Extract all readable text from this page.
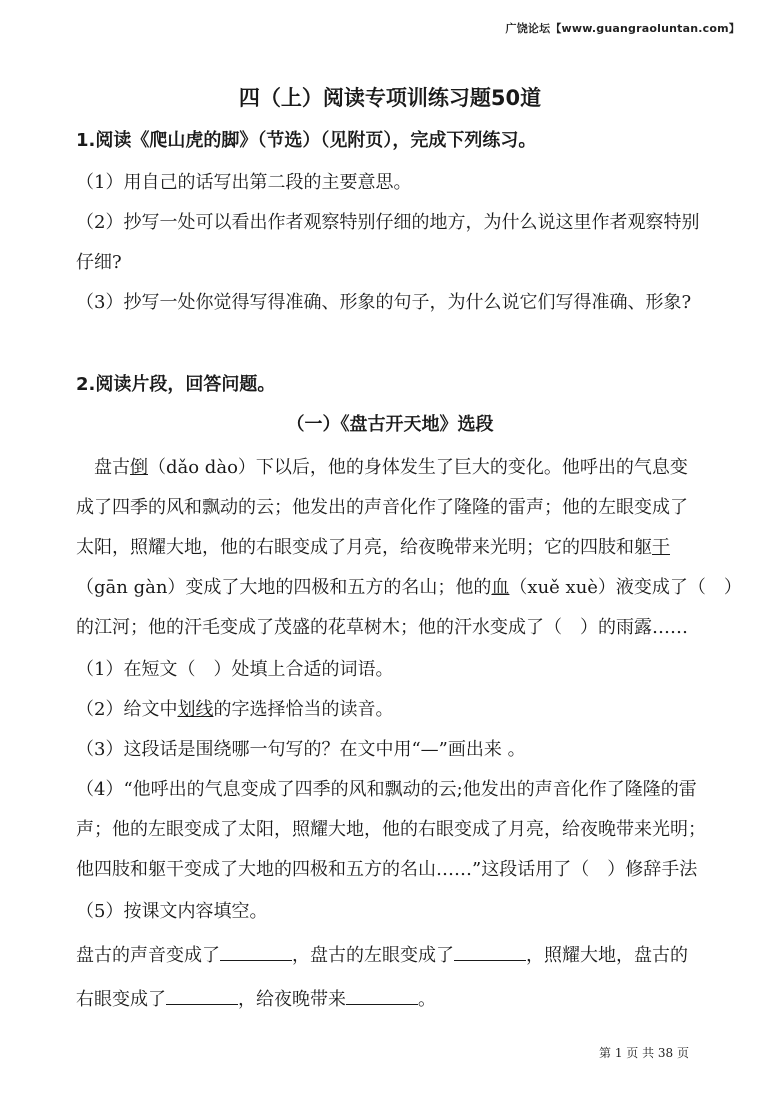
广饶论坛【www.guangraoluntan.com】
四（上）阅读专项训练习题50道
1.阅读《爬山虎的脚》（节选）（见附页），完成下列练习。
（1）用自己的话写出第二段的主要意思。
（2）抄写一处可以看出作者观察特别仔细的地方，为什么说这里作者观察特别
仔细?
（3）抄写一处你觉得写得准确、形象的句子，为什么说它们写得准确、形象?
2.阅读片段，回答问题。
（一）《盘古开天地》选段
盘古倒（dǎo dào）下以后，他的身体发生了巨大的变化。他呼出的气息变
成了四季的风和飘动的云；他发出的声音化作了隆隆的雷声；他的左眼变成了
太阳，照耀大地，他的右眼变成了月亮，给夜晚带来光明；它的四肢和躯干
（gān gàn）变成了大地的四极和五方的名山；他的血（xuě xuè）液变成了（　）
的江河；他的汗毛变成了茂盛的花草树木；他的汗水变成了（　）的雨露……
（1）在短文（　）处填上合适的词语。
（2）给文中划线的字选择恰当的读音。
（3）这段话是围绕哪一句写的？在文中用“—”画出来 。
（4）“他呼出的气息变成了四季的风和飘动的云;他发出的声音化作了隆隆的雷
声；他的左眼变成了太阳，照耀大地，他的右眼变成了月亮，给夜晚带来光明；
他四肢和躯干变成了大地的四极和五方的名山……”这段话用了（　）修辞手法
（5）按课文内容填空。
盘古的声音变成了	，盘古的左眼变成了	，照耀大地，盘古的
右眼变成了	，给夜晚带来	。
第 1 页 共 38 页
